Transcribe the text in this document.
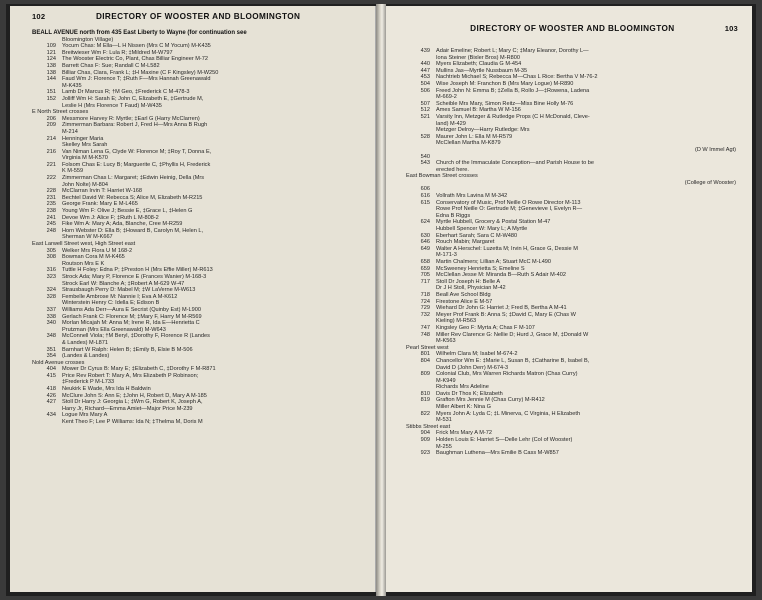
102	DIRECTORY OF WOOSTER AND BLOOMINGTON
BEALL AVENUE north from 435 East Liberty to Wayne (for continuation see
Bloomington Village)
109 Yocum Chas: M Ella—L H Nissen (Mrs C M Yocum) M-K435
121 Breitwieser Wm F: Lula R; ‡Mildred M-W797
124 The Wooster Electric Co, Plant, Chas Billiar Engineer M-72
138 Barrett Chas F: Sue; Randall C M-L582
138 Billiar Chas, Clara, Frank L; ‡H Maxine (C F Kingsley) M-W250
144 Faud Wm J: Florence T; ‡Ruth F—Mrs Hannah Greenawald
M-K435
151 Lamb Dr Marcus R; †M Geo, ‡Frederick C M-478-3
152 Jolliff Wm H: Sarah E; John C, Elizabeth E, ‡Gertrude M,
Leslie H (Mrs Florence T Faud) M-W435
E North Street crosses
206 Messmore Harvey R: Myrtle; ‡Earl G (Harry McClarren)
209 Zimmerman Barbara: Robert J, Fred H—Mrs Anna B Rugh
M-214
214 Henninger Maria
Skelley Mrs Sarah
216 Van Niman Lena G, Clyde W: Florence M; ‡Roy T, Donna E,
Virginia M M-K570
221 Folsom Chas E: Lucy B; Marguerite C, ‡Phyllis H, Frederick
K M-559
222 Zimmerman Chas L: Margaret; ‡Edwin Heinig, Della (Mrs
John Nolte) M-804
228 McClarran Irvin T: Harriet W-168
231 Bechtel David W: Rebecca S; Alice M, Elizabeth M-R215
235 George Frank: Mary E M-L465
238 Young Wm F: Olive J; Bessie E, ‡Grace L, ‡Helen G
241 Devoe Wm J: Alice F; ‡Ruth L M-808-2
245 Fike Wm A: Mary A; Ada, Blanche, Cree M-R259
248 Horn Webster D: Ella B; ‡Howard B, Carolyn M, Helen L,
Sherman W M-K667
East Larwell Street west, High Street east
305 Welker Mrs Flora U M 168-2
308 Bowman Cora M M-K465
Routson Mrs E K
316 Tuttle H Foley: Edna P; ‡Preston H (Mrs Effie Miller) M-R613
323 Strock Ada; Mary P, Florence E (Frances Wanier) M-168-3
Strock Earl W: Blanche A; ‡Robert A M-629 W-47
324 Strausbaugh Perry D: Mabel M; ‡W LaVerne M-W613
328 Fembelle Ambrose M: Nannie I; Eva A M-K612
Winterstein Henry C: Idella E; Edison B
337 Williams Ada Derr—Aura E Secrist (Quinby Est) M-L900
338 Gerlach Frank C: Florence M; ‡Mary F, Harry M M-R569
340 Morlan Micajah M: Anna M; Irene R, Ida E—Henrietta C
Prutzman (Mrs Ella Greenawald) M-W643
348 McConnell Viola; †M Beryl, ‡Dorothy F, Florence R (Landes
& Landes) M-L871
351 Barnhart W Ralph: Helen B; ‡Emily B, Elsie B M-506
354 (Landes & Landes)
Nold Avenue crosses
404 Mower Dr Cyrus B: Mary E; ‡Elizabeth C, ‡Dorothy F M-R871
415 Price Rev Robert T: Mary A, Mrs Elizabeth P Robinson;
‡Frederick P M-L733
418 Neukirk E Wade, Mrs Ida H Baldwin
426 McClure John S: Ann E; ‡John H, Robert D, Mary A M-185
427 Stoll Dr Harry J: Georgia L; ‡Wm G, Robert K, Joseph A,
Harry Jr, Richard—Emma Amiet—Major Price M-239
434 Logue Mrs Mary A
Kent Theo F; Lee P Williams: Ida N; ‡Thelma M, Doris M
DIRECTORY OF WOOSTER AND BLOOMINGTON	103
439 Adair Emeline; Robert L; Mary C; ‡Mary Eleanor, Dorothy L—
Iona Steiner (Bixler Bros) M-R800
440 Myers Elizabeth; Claudia G M-454
447 Mullins Jas—Myrtle Nussbaum M-35
453 Nachtrieb Michael S; Rebecca M—Chas L Rice: Bertha V M-76-2
504 Wise Joseph M: Franchon B (Mrs Mary Logue) M-R890
506 Freed John N: Emma B; ‡Zella B, Rollo J—‡Rowena, Ladena
M-669-2
507 Scheible Mrs Mary, Simon Reitz—Miss Bine Holly M-76
512 Ames Samuel B: Martha W M-156
521 Varsity Inn, Metzger & Rutledge Props (C H McDonald, Cleve-
land) M-429
Metzger Delroy—Harry Rutledge: Mrs
528 Maurer John L: Ella M M-R579
McClellan Martha M-K879
(D W Immel Agt)
540
543 Church of the Immaculate Conception—and Parish House to be
erected here.
East Bowman Street crosses
(College of Wooster)
606
616 Vollrath Mrs Lavina M M-342
615 Conservatory of Music, Prof Neille O Rowe Director M-113
Rowe Prof Neille O: Gertrude M; ‡Genevieve I, Evelyn R—
Edna B Riggs
624 Myrtle Hubbell, Grocery & Postal Station M-47
Hubbell Spencer W: Mary L; A Myrtle
630 Eberhart Sarah; Sara C M-W480
646 Rouch Mabin; Margaret
649 Walter A Herschel: Luzetta M; Irvin H, Grace G, Dessie M
M-171-3
658 Martin Chalmers; Lillian A; Stuart McC M-L490
659 McSweeney Henrietta S; Emeline S
705 McClellan Jesse M: Miranda B—Ruth S Adair M-402
717 Stoll Dr Joseph H: Belle A
Dr J H Stoll, Physician M-42
718 Beall Ave School Bldg
724 Firestone Alice E M-57
729 Wiehard Dr John G: Harriet J; Fred B, Bertha A M-41
732 Meyer Prof Frank B: Anna S; ‡David C, Mary E (Chas W
Kieling) M-R563
747 Kingsley Geo F: Myrta A; Chas F M-107
748 Miller Rev Clarence G: Nellie D; Hurd J, Grace M, ‡Donald W
M-K563
Pearl Street west
801 Wilhelm Clara M; Isabel M-674-2
804 Chancellor Wm E: ‡Marie L, Susan B, ‡Catharine B, Isabel B,
David D (John Derr) M-674-3
809 Colonial Club, Mrs Warren Richards Matron (Chas Curry)
M-K949
Richards Mrs Adeline
810 Davis Dr Thos K; Elizabeth
819 Grafton Mrs Jennie M (Chas Curry) M-R412
Miller Albert K: Nina G
822 Myers John A: Lyda C; ‡L Minerva, C Virginia, H Elizabeth
M-531
Stibbs Street east
904 Frick Mrs Mary A M-72
909 Holden Louis E: Harriet S—Delle Lehr (Col of Wooster)
M-255
923 Baughman Luthena—Mrs Emilie B Cass M-W857
